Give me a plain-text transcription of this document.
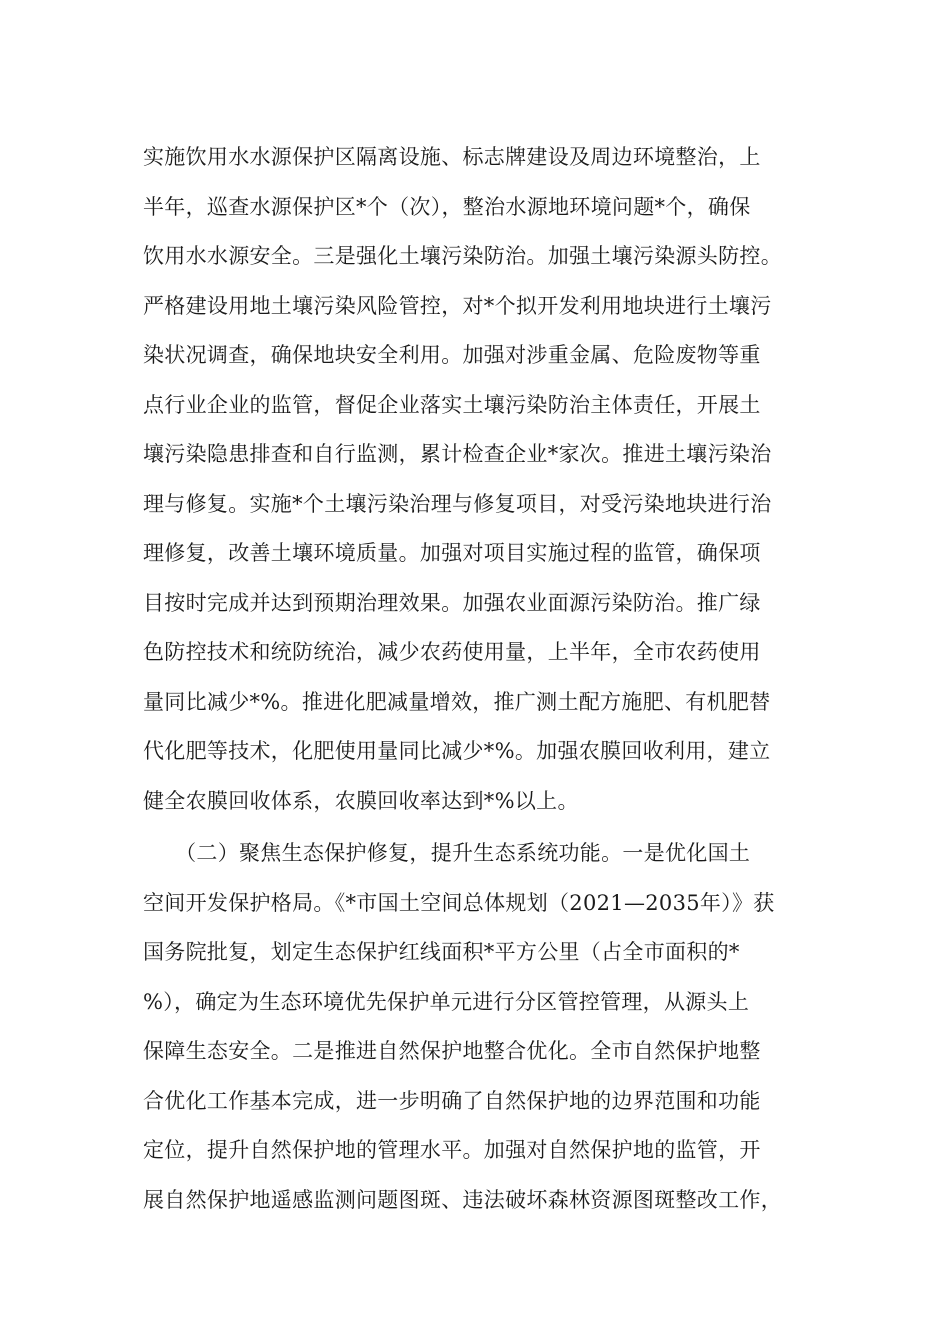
实施饮用水水源保护区隔离设施、标志牌建设及周边环境整治，上
半年，巡查水源保护区*个（次），整治水源地环境问题*个，确保
饮用水水源安全。三是强化土壤污染防治。加强土壤污染源头防控。
严格建设用地土壤污染风险管控，对*个拟开发利用地块进行土壤污
染状况调查，确保地块安全利用。加强对涉重金属、危险废物等重
点行业企业的监管，督促企业落实土壤污染防治主体责任，开展土
壤污染隐患排查和自行监测，累计检查企业*家次。推进土壤污染治
理与修复。实施*个土壤污染治理与修复项目，对受污染地块进行治
理修复，改善土壤环境质量。加强对项目实施过程的监管，确保项
目按时完成并达到预期治理效果。加强农业面源污染防治。推广绿
色防控技术和统防统治，减少农药使用量，上半年，全市农药使用
量同比减少*%。推进化肥减量增效，推广测土配方施肥、有机肥替
代化肥等技术，化肥使用量同比减少*%。加强农膜回收利用，建立
健全农膜回收体系，农膜回收率达到*%以上。
　　（二）聚焦生态保护修复，提升生态系统功能。一是优化国土
空间开发保护格局。《*市国土空间总体规划（2021—2035年）》获
国务院批复，划定生态保护红线面积*平方公里（占全市面积的*
%），确定为生态环境优先保护单元进行分区管控管理，从源头上
保障生态安全。二是推进自然保护地整合优化。全市自然保护地整
合优化工作基本完成，进一步明确了自然保护地的边界范围和功能
定位，提升自然保护地的管理水平。加强对自然保护地的监管，开
展自然保护地遥感监测问题图斑、违法破坏森林资源图斑整改工作，
